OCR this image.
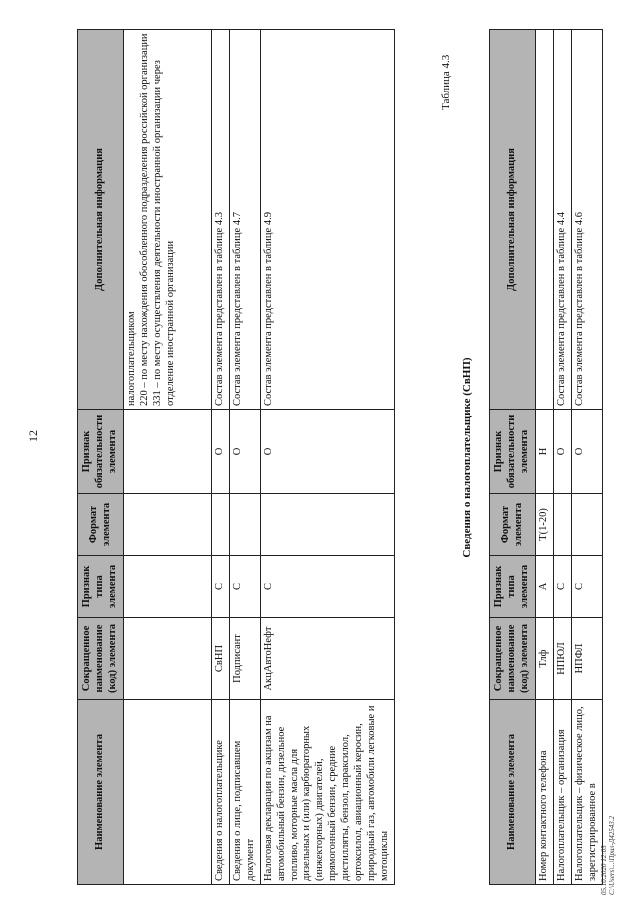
12
Наименование элемента	Сокращенное наименование (код) элемента	Признак типа элемента	Формат элемента	Признак обязательности элемента	Дополнительная информация
					налогоплательщиком
220 – по месту нахождения обособленного подразделения российской организации
331 – по месту осуществления деятельности иностранной организации через отделение иностранной организации
Сведения о налогоплательщике	СвНП	С		О	Состав элемента представлен в таблице 4.3
Сведения о лице, подписавшем документ	Подписант	С		О	Состав элемента представлен в таблице 4.7
Налоговая декларация по акцизам на автомобильный бензин, дизельное топливо, моторные масла для дизельных и (или) карбюраторных (инжекторных) двигателей, прямогонный бензин, средние дистилляты, бензол, параксилол, ортоксилол, авиационный керосин, природный газ, автомобили легковые и мотоциклы	АкцАвтоНефт	С		О	Состав элемента представлен в таблице 4.9
Таблица 4.3
Сведения о налогоплательщике (СвНП)
Наименование элемента	Сокращенное наименование (код) элемента	Признак типа элемента	Формат элемента	Признак обязательности элемента	Дополнительная информация
Номер контактного телефона	Тлф	А	T(1-20)	Н	
Налогоплательщик – организация	НПЮЛ	С		О	Состав элемента представлен в таблице 4.4
Налогоплательщик – физическое лицо, зарегистрированное в	НПФЛ	С		О	Состав элемента представлен в таблице 4.6
05.10.2020 12:05 C:\Users\...\Прил-Д42543.2
